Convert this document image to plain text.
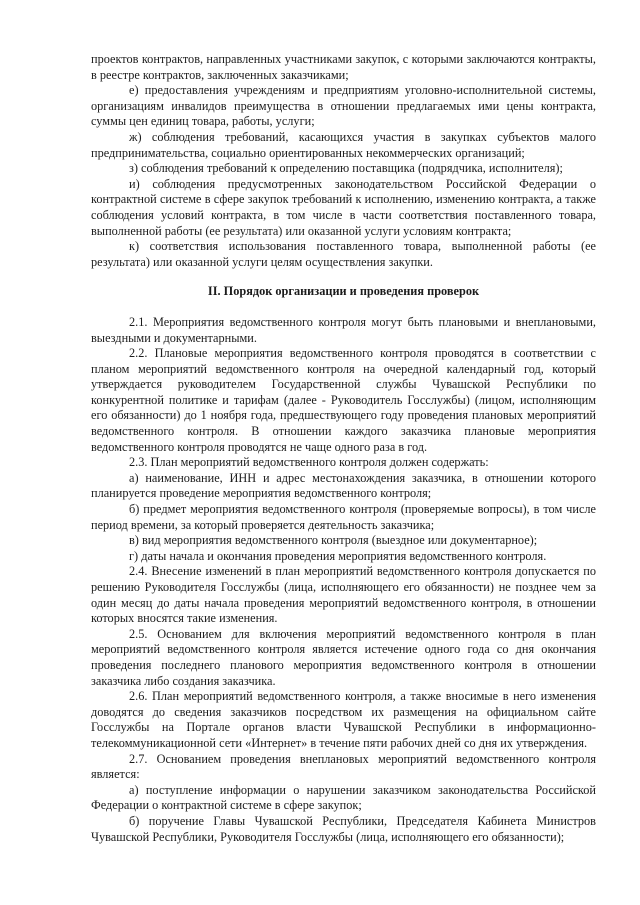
проектов контрактов, направленных участниками закупок, с которыми заключаются контракты, в реестре контрактов, заключенных заказчиками;

е) предоставления учреждениям и предприятиям уголовно-исполнительной системы, организациям инвалидов преимущества в отношении предлагаемых ими цены контракта, суммы цен единиц товара, работы, услуги;

ж) соблюдения требований, касающихся участия в закупках субъектов малого предпринимательства, социально ориентированных некоммерческих организаций;

з) соблюдения требований к определению поставщика (подрядчика, исполнителя);

и) соблюдения предусмотренных законодательством Российской Федерации о контрактной системе в сфере закупок требований к исполнению, изменению контракта, а также соблюдения условий контракта, в том числе в части соответствия поставленного товара, выполненной работы (ее результата) или оказанной услуги условиям контракта;

к) соответствия использования поставленного товара, выполненной работы (ее результата) или оказанной услуги целям осуществления закупки.

II. Порядок организации и проведения проверок

2.1. Мероприятия ведомственного контроля могут быть плановыми и внеплановыми, выездными и документарными.

2.2. Плановые мероприятия ведомственного контроля проводятся в соответствии с планом мероприятий ведомственного контроля на очередной календарный год, который утверждается руководителем Государственной службы Чувашской Республики по конкурентной политике и тарифам (далее - Руководитель Госслужбы) (лицом, исполняющим его обязанности) до 1 ноября года, предшествующего году проведения плановых мероприятий ведомственного контроля. В отношении каждого заказчика плановые мероприятия ведомственного контроля проводятся не чаще одного раза в год.

2.3. План мероприятий ведомственного контроля должен содержать:

а) наименование, ИНН и адрес местонахождения заказчика, в отношении которого планируется проведение мероприятия ведомственного контроля;

б) предмет мероприятия ведомственного контроля (проверяемые вопросы), в том числе период времени, за который проверяется деятельность заказчика;

в) вид мероприятия ведомственного контроля (выездное или документарное);

г) даты начала и окончания проведения мероприятия ведомственного контроля.

2.4. Внесение изменений в план мероприятий ведомственного контроля допускается по решению Руководителя Госслужбы (лица, исполняющего его обязанности) не позднее чем за один месяц до даты начала проведения мероприятий ведомственного контроля, в отношении которых вносятся такие изменения.

2.5. Основанием для включения мероприятий ведомственного контроля в план мероприятий ведомственного контроля является истечение одного года со дня окончания проведения последнего планового мероприятия ведомственного контроля в отношении заказчика либо создания заказчика.

2.6. План мероприятий ведомственного контроля, а также вносимые в него изменения доводятся до сведения заказчиков посредством их размещения на официальном сайте Госслужбы на Портале органов власти Чувашской Республики в информационно-телекоммуникационной сети «Интернет» в течение пяти рабочих дней со дня их утверждения.

2.7. Основанием проведения внеплановых мероприятий ведомственного контроля является:

а) поступление информации о нарушении заказчиком законодательства Российской Федерации о контрактной системе в сфере закупок;

б) поручение Главы Чувашской Республики, Председателя Кабинета Министров Чувашской Республики, Руководителя Госслужбы (лица, исполняющего его обязанности);
